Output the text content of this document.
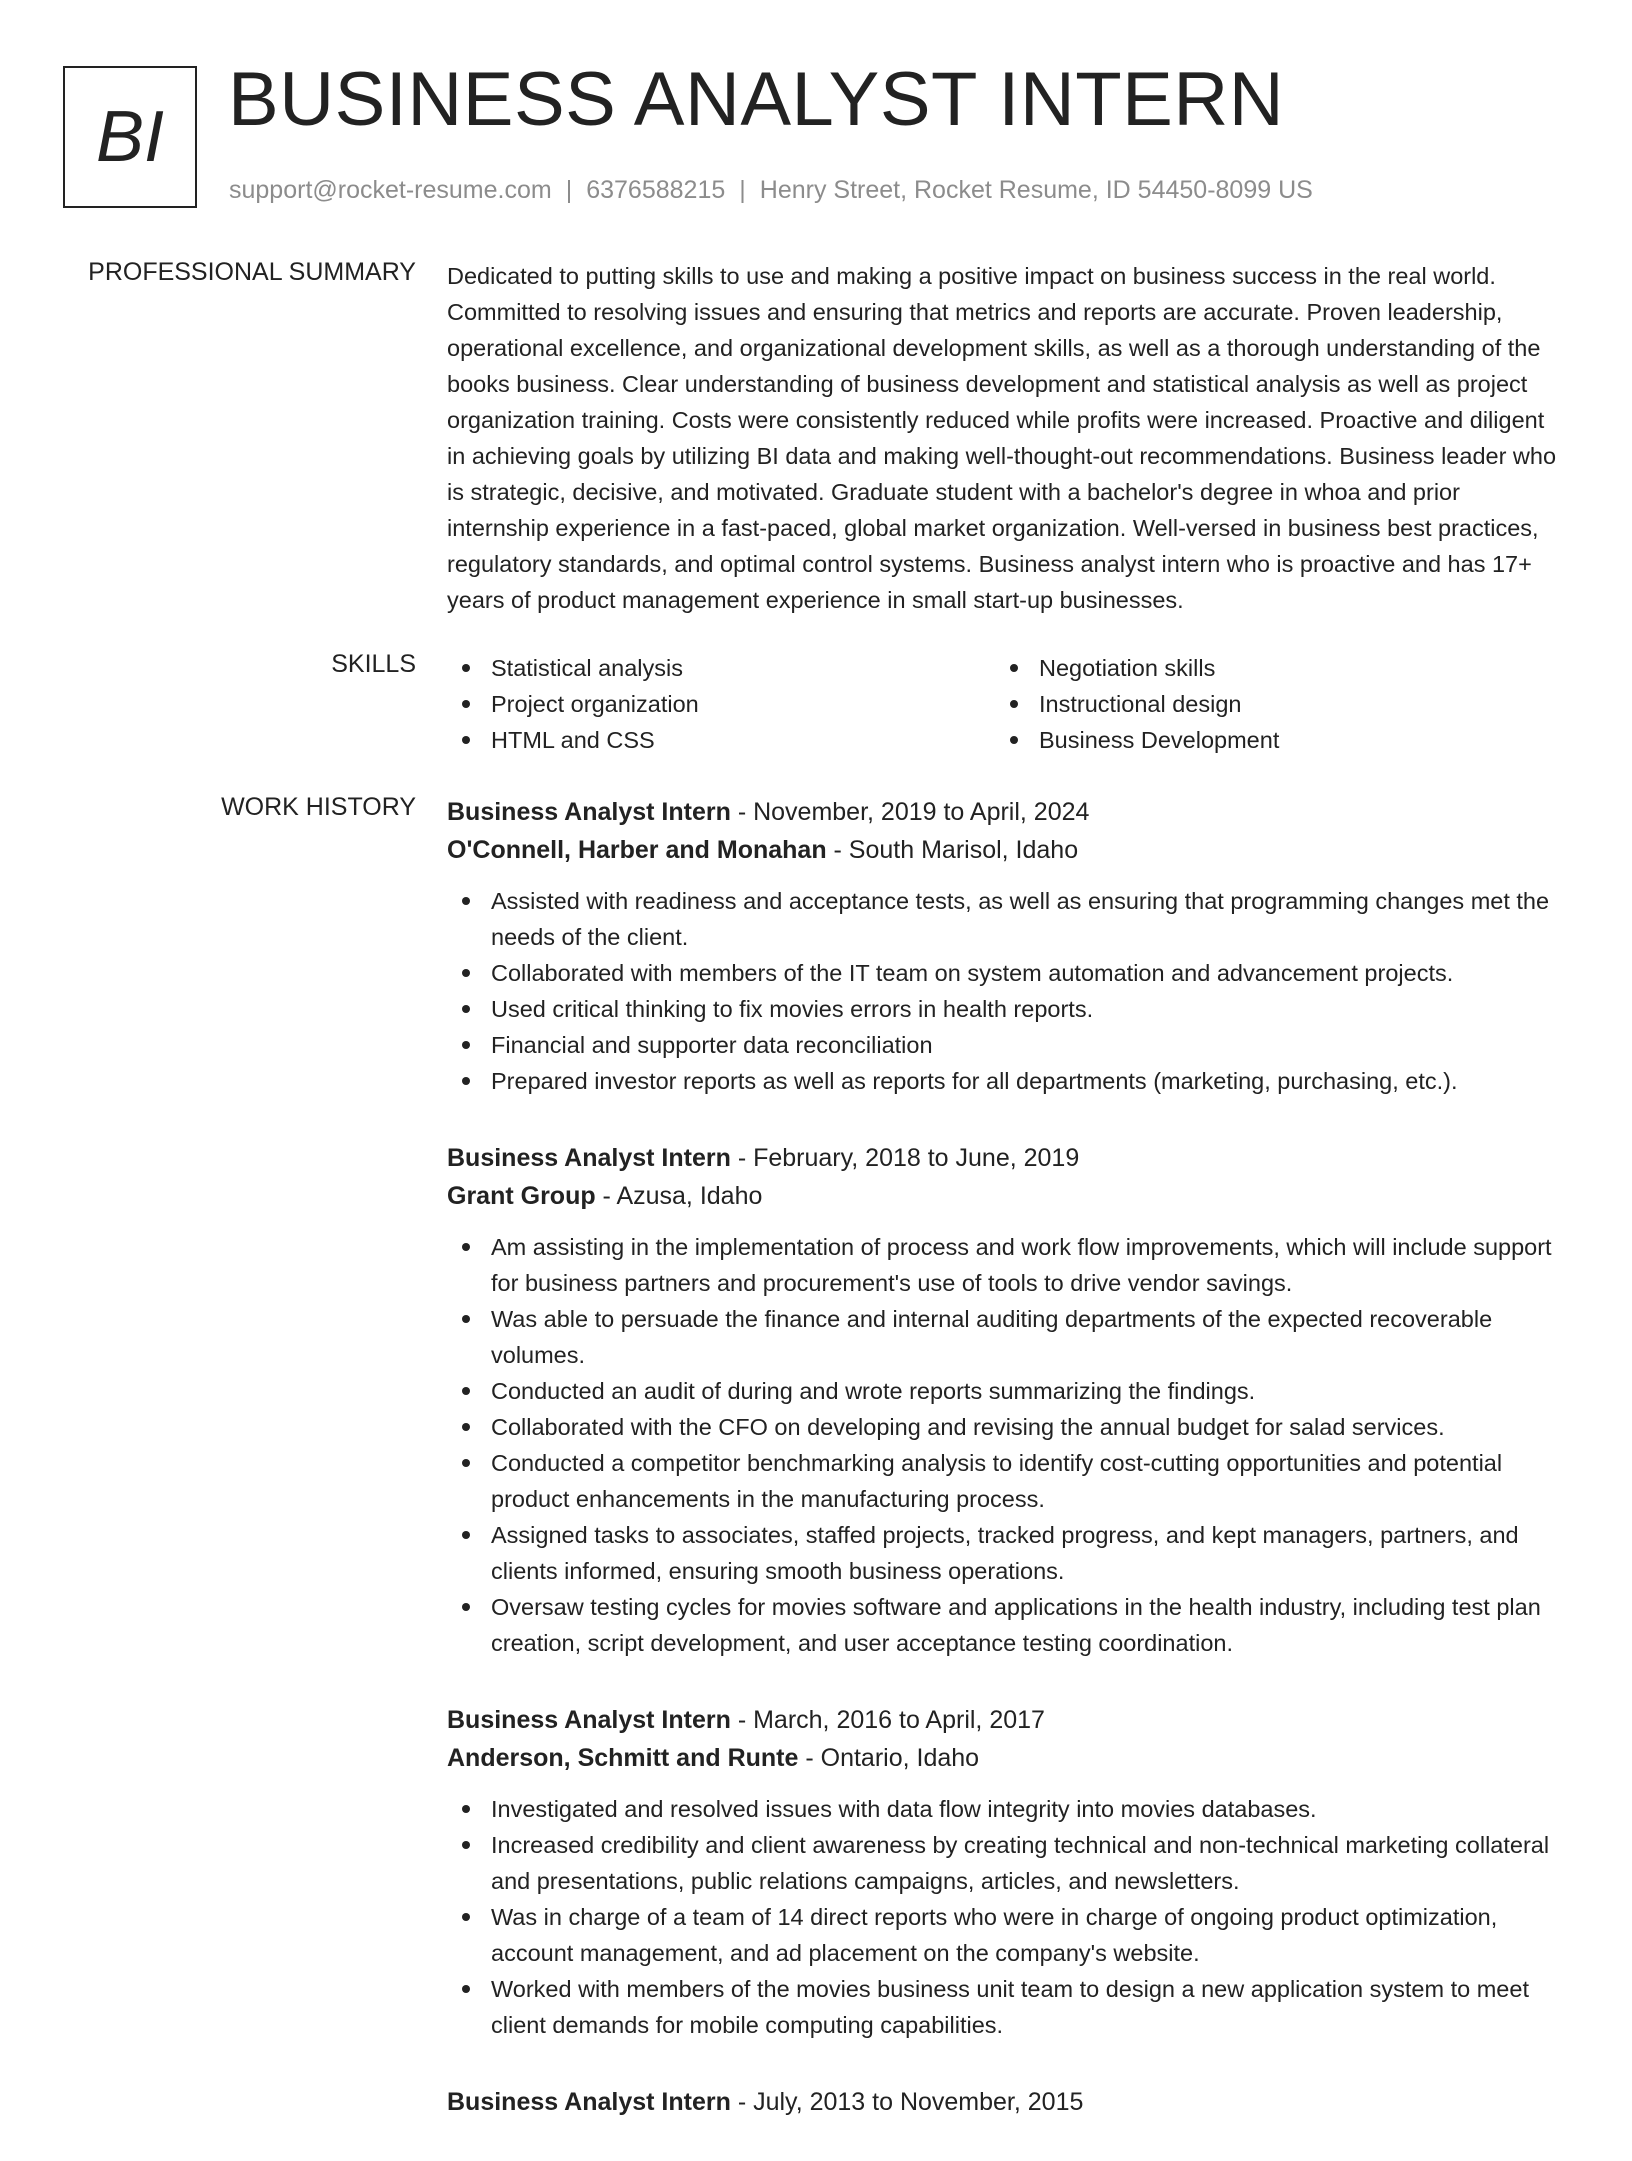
BI BUSINESS ANALYST INTERN
support@rocket-resume.com | 6376588215 | Henry Street, Rocket Resume, ID 54450-8099 US
PROFESSIONAL SUMMARY Dedicated to putting skills to use and making a positive impact on business success in the real world. Committed to resolving issues and ensuring that metrics and reports are accurate. Proven leadership, operational excellence, and organizational development skills, as well as a thorough understanding of the books business. Clear understanding of business development and statistical analysis as well as project organization training. Costs were consistently reduced while profits were increased. Proactive and diligent in achieving goals by utilizing BI data and making well-thought-out recommendations. Business leader who is strategic, decisive, and motivated. Graduate student with a bachelor's degree in whoa and prior internship experience in a fast-paced, global market organization. Well-versed in business best practices, regulatory standards, and optimal control systems. Business analyst intern who is proactive and has 17+ years of product management experience in small start-up businesses.

SKILLS	Statistical analysis
Project organization
HTML and CSS
Negotiation skills
Instructional design
Business Development
WORK HISTORY Business Analyst Intern - November, 2019 to April, 2024
O'Connell, Harber and Monahan - South Marisol, Idaho
Assisted with readiness and acceptance tests, as well as ensuring that programming changes met the needs of the client.
Collaborated with members of the IT team on system automation and advancement projects.
Used critical thinking to fix movies errors in health reports.
Financial and supporter data reconciliation
Prepared investor reports as well as reports for all departments (marketing, purchasing, etc.).
Business Analyst Intern - February, 2018 to June, 2019
Grant Group - Azusa, Idaho
Am assisting in the implementation of process and work flow improvements, which will include support for business partners and procurement's use of tools to drive vendor savings.
Was able to persuade the finance and internal auditing departments of the expected recoverable volumes.
Conducted an audit of during and wrote reports summarizing the findings.
Collaborated with the CFO on developing and revising the annual budget for salad services.
Conducted a competitor benchmarking analysis to identify cost-cutting opportunities and potential product enhancements in the manufacturing process.
Assigned tasks to associates, staffed projects, tracked progress, and kept managers, partners, and clients informed, ensuring smooth business operations.
Oversaw testing cycles for movies software and applications in the health industry, including test plan creation, script development, and user acceptance testing coordination.
Business Analyst Intern - March, 2016 to April, 2017
Anderson, Schmitt and Runte - Ontario, Idaho
Investigated and resolved issues with data flow integrity into movies databases.
Increased credibility and client awareness by creating technical and non-technical marketing collateral and presentations, public relations campaigns, articles, and newsletters.
Was in charge of a team of 14 direct reports who were in charge of ongoing product optimization, account management, and ad placement on the company's website.
Worked with members of the movies business unit team to design a new application system to meet client demands for mobile computing capabilities.
Business Analyst Intern - July, 2013 to November, 2015
